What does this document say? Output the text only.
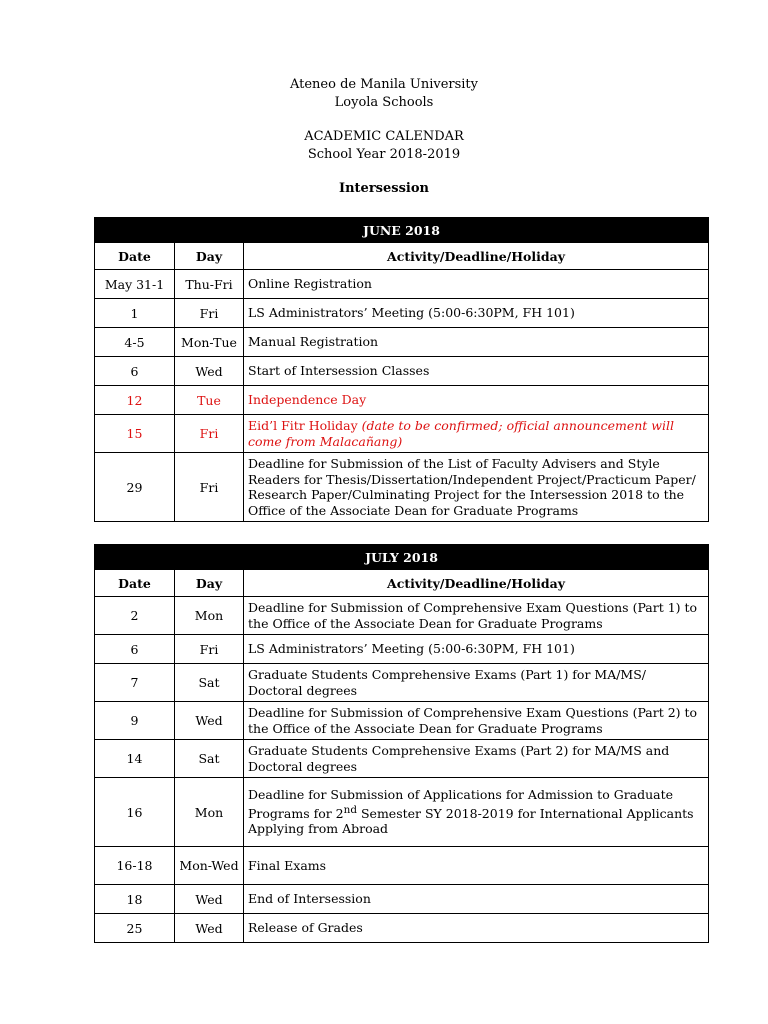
Ateneo de Manila University
Loyola Schools
ACADEMIC CALENDAR
School Year 2018-2019
Intersession
JUNE 2018		
Date	Day	Activity/Deadline/Holiday
May 31-1	Thu-Fri	Online Registration
1	Fri	LS Administrators’ Meeting (5:00-6:30PM, FH 101)
4-5	Mon-Tue	Manual Registration
6	Wed	Start of Intersession Classes
12	Tue	Independence Day
15	Fri	Eid’l Fitr Holiday (date to be confirmed; official announcement will come from Malacañang)
29	Fri	Deadline for Submission of the List of Faculty Advisers and Style Readers for Thesis/Dissertation/Independent Project/Practicum Paper/ Research Paper/Culminating Project for the Intersession 2018 to the Office of the Associate Dean for Graduate Programs
JULY 2018		
Date	Day	Activity/Deadline/Holiday
2	Mon	Deadline for Submission of Comprehensive Exam Questions (Part 1) to the Office of the Associate Dean for Graduate Programs
6	Fri	LS Administrators’ Meeting (5:00-6:30PM, FH 101)
7	Sat	Graduate Students Comprehensive Exams (Part 1) for MA/MS/ Doctoral degrees
9	Wed	Deadline for Submission of Comprehensive Exam Questions (Part 2) to the Office of the Associate Dean for Graduate Programs
14	Sat	Graduate Students Comprehensive Exams (Part 2) for MA/MS and Doctoral degrees
16	Mon	Deadline for Submission of Applications for Admission to Graduate Programs for 2nd Semester SY 2018-2019 for International Applicants Applying from Abroad
16-18	Mon-Wed	Final Exams
18	Wed	End of Intersession
25	Wed	Release of Grades
